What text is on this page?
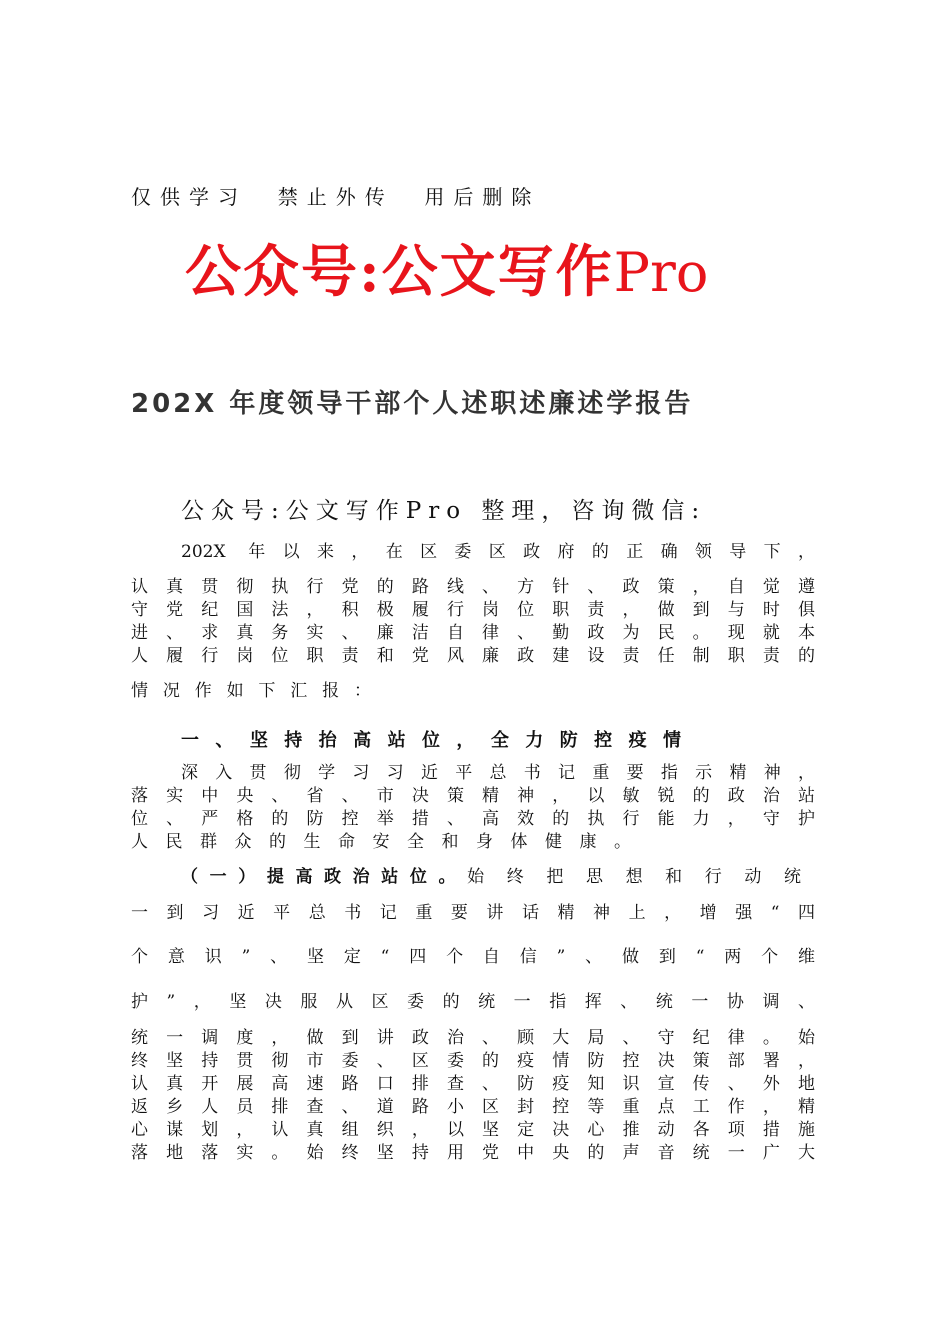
仅供学习  禁止外传  用后删除
公众号:公文写作Pro
202X 年度领导干部个人述职述廉述学报告
公众号:公文写作Pro 整理，咨询微信:
202X 年以来，在区委区政府的正确领导下，
认真贯彻执行党的路线、方针、政策，自觉遵
守党纪国法，积极履行岗位职责，做到与时俱
进、求真务实、廉洁自律、勤政为民。现就本
人履行岗位职责和党风廉政建设责任制职责的
情况作如下汇报：
一、坚持抬高站位，全力防控疫情
深入贯彻学习习近平总书记重要指示精神，
落实中央、省、市决策精神，以敏锐的政治站
位、严格的防控举措、高效的执行能力，守护
人民群众的生命安全和身体健康。
（一）提高政治站位。始终把思想和行动统
一到习近平总书记重要讲话精神上，增强“四
个意识”、坚定“四个自信”、做到“两个维
护”，坚决服从区委的统一指挥、统一协调、
统一调度，做到讲政治、顾大局、守纪律。始
终坚持贯彻市委、区委的疫情防控决策部署，
认真开展高速路口排查、防疫知识宣传、外地
返乡人员排查、道路小区封控等重点工作，精
心谋划，认真组织，以坚定决心推动各项措施
落地落实。始终坚持用党中央的声音统一广大
